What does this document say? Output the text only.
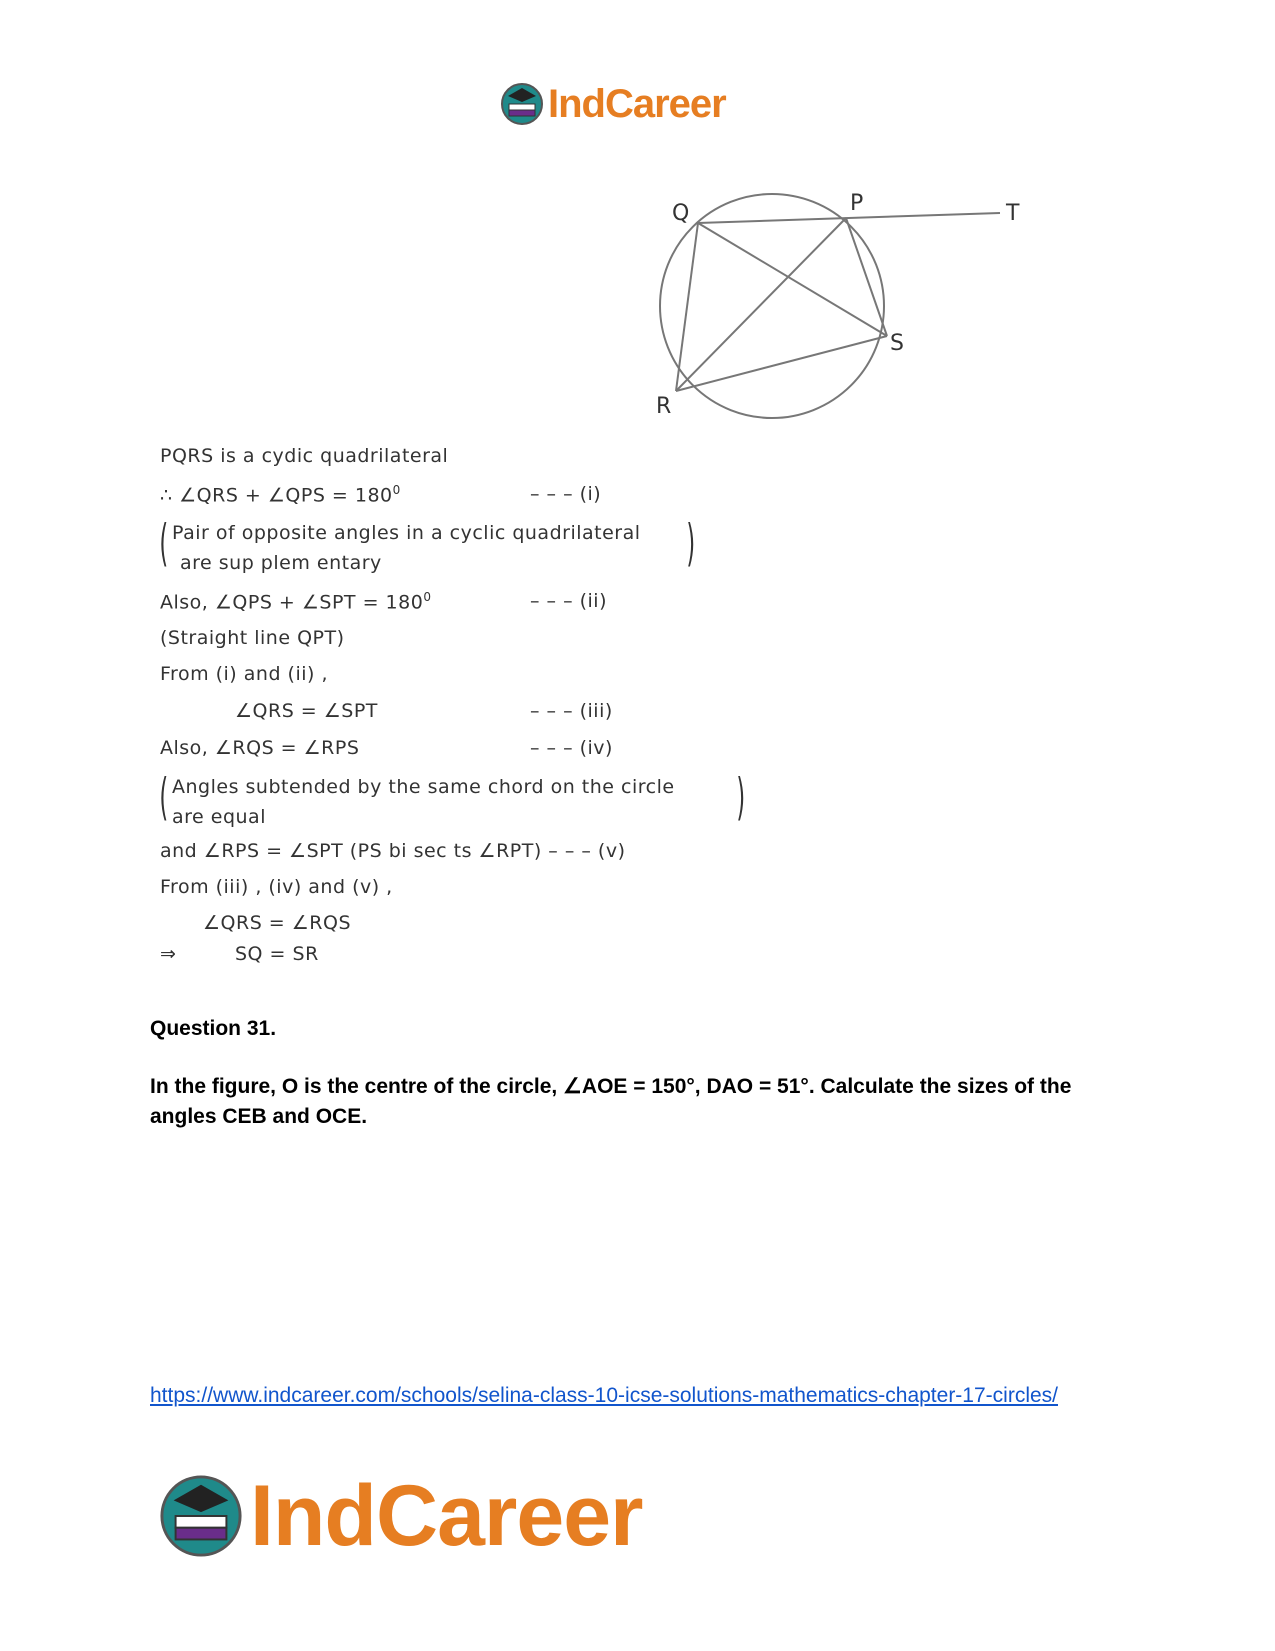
IndCareer
Q	P	T
S
R
PQRS is a cydic quadrilateral
∴ ∠QRS + ∠QPS = $180^0$	– – – (i)
(	)
Pair of opposite angles in a cyclic quadrilateral
are sup plem entary
Also, ∠QPS + ∠SPT = $180^0$	– – – (ii)
(Straight line QPT)
From (i) and (ii) ,
∠QRS = ∠SPT	– – – (iii)
Also, ∠RQS = ∠RPS	– – – (iv)
(	)
Angles subtended by the same chord on the circle
are equal
and ∠RPS = ∠SPT (PS bi sec ts ∠RPT) – – – (v)
From (iii) , (iv) and (v) ,
∠QRS = ∠RQS
⇒	SQ = SR
Question 31.
In the figure, O is the centre of the circle, ∠AOE = 150°, DAO = 51°. Calculate the sizes of the angles CEB and OCE.
https://www.indcareer.com/schools/selina-class-10-icse-solutions-mathematics-chapter-17-circles/
IndCareer
